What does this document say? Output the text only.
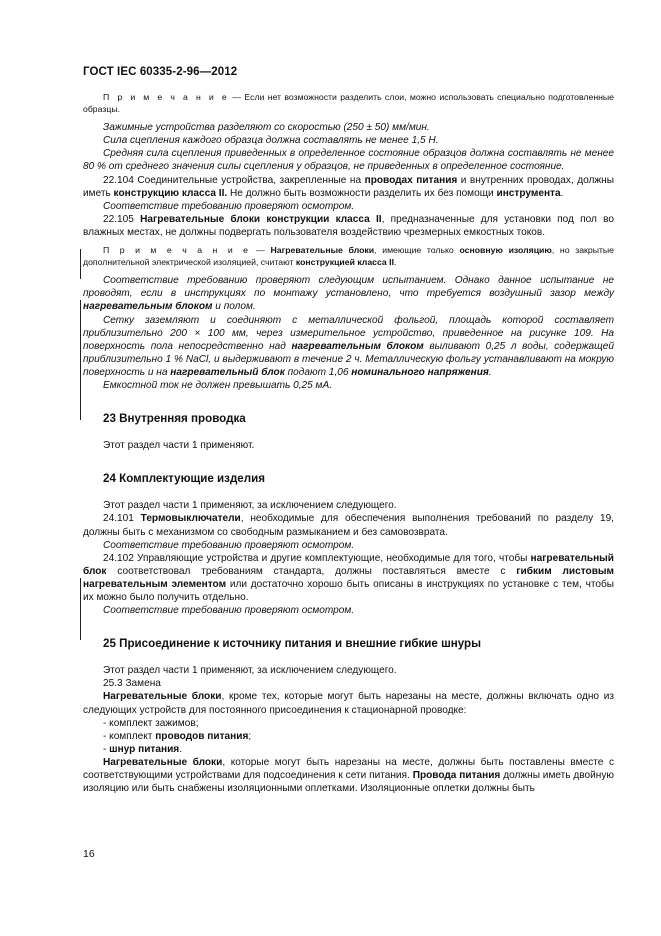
ГОСТ IEC 60335-2-96—2012

П р и м е ч а н и е — Если нет возможности разделить слои, можно использовать специально подготовленные образцы.

Зажимные устройства разделяют со скоростью (250 ± 50) мм/мин.

Сила сцепления каждого образца должна составлять не менее 1,5 Н.

Средняя сила сцепления приведенных в определенное состояние образцов должна составлять не менее 80 % от среднего значения силы сцепления у образцов, не приведенных в определенное состояние.

22.104 Соединительные устройства, закрепленные на проводах питания и внутренних проводах, должны иметь конструкцию класса II. Не должно быть возможности разделить их без помощи инструмента.

Соответствие требованию проверяют осмотром.

22.105 Нагревательные блоки конструкции класса II, предназначенные для установки под пол во влажных местах, не должны подвергать пользователя воздействию чрезмерных емкостных токов.

П р и м е ч а н и е — Нагревательные блоки, имеющие только основную изоляцию, но закрытые дополнительной электрической изоляцией, считают конструкцией класса II.

Соответствие требованию проверяют следующим испытанием. Однако данное испытание не проводят, если в инструкциях по монтажу установлено, что требуется воздушный зазор между нагревательным блоком и полом.

Сетку заземляют и соединяют с металлической фольгой, площадь которой составляет приблизительно 200 × 100 мм, через измерительное устройство, приведенное на рисунке 109. На поверхность пола непосредственно над нагревательным блоком выливают 0,25 л воды, содержащей приблизительно 1 % NaCl, и выдерживают в течение 2 ч. Металлическую фольгу устанавливают на мокрую поверхность и на нагревательный блок подают 1,06 номинального напряжения.

Емкостной ток не должен превышать 0,25 мА.

23 Внутренняя проводка

Этот раздел части 1 применяют.

24 Комплектующие изделия

Этот раздел части 1 применяют, за исключением следующего.

24.101 Термовыключатели, необходимые для обеспечения выполнения требований по разделу 19, должны быть с механизмом со свободным размыканием и без самовозврата.

Соответствие требованию проверяют осмотром.

24.102 Управляющие устройства и другие комплектующие, необходимые для того, чтобы нагревательный блок соответствовал требованиям стандарта, должны поставляться вместе с гибким листовым нагревательным элементом или достаточно хорошо быть описаны в инструкциях по установке с тем, чтобы их можно было получить отдельно.

Соответствие требованию проверяют осмотром.

25 Присоединение к источнику питания и внешние гибкие шнуры

Этот раздел части 1 применяют, за исключением следующего.

25.3 Замена

Нагревательные блоки, кроме тех, которые могут быть нарезаны на месте, должны включать одно из следующих устройств для постоянного присоединения к стационарной проводке:

- комплект зажимов;

- комплект проводов питания;

- шнур питания.

Нагревательные блоки, которые могут быть нарезаны на месте, должны быть поставлены вместе с соответствующими устройствами для подсоединения к сети питания. Провода питания должны иметь двойную изоляцию или быть снабжены изоляционными оплетками. Изоляционные оплетки должны быть

16
